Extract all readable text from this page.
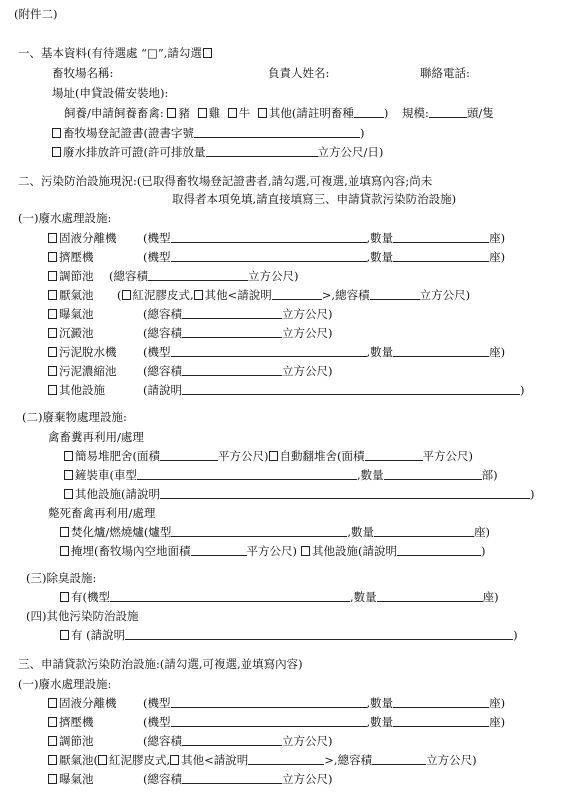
(附件二)
一、基本資料(有待選處 “□”,請勾選
畜牧場名稱:	負責人姓名:	聯絡電話:
場址(申貸設備安裝地):
飼養/申請飼養畜禽: 豬 雞 牛 其他(請註明畜種	) 規模:	頭/隻
畜牧場登記證書(證書字號	)
廢水排放許可證(許可排放量	立方公尺/日)
二、污染防治設施現況:(已取得畜牧場登記證書者,請勾選,可複選,並填寫內容;尚未
取得者本項免填,請直接填寫三、申請貸款污染防治設施)
(一)廢水處理設施:
固液分離機 (機型	,數量	座)
擠壓機	(機型	,數量	座)
調節池 (總容積	立方公尺)
厭氣池 ( 紅泥膠皮式, 其他<請說明	>,總容積	立方公尺)
曝氣池	(總容積	立方公尺)
沉澱池	(總容積	立方公尺)
污泥脫水機 (機型	,數量	座)
污泥濃縮池 (總容積	立方公尺)
其他設施	(請說明	)
(二)廢棄物處理設施:
禽畜糞再利用/處理
簡易堆肥舍(面積	平方公尺) 自動翻堆舍(面積	平方公尺)
鏟裝車(車型	,數量	部)
其他設施(請說明	)
斃死畜禽再利用/處理
焚化爐/燃燒爐(爐型	,數量	座)
掩埋(畜牧場內空地面積	平方公尺) 其他設施(請說明	)
(三)除臭設施:
有(機型	,數量	座)
(四)其他污染防治設施
有 (請說明	)
三、申請貸款污染防治設施:(請勾選,可複選,並填寫內容)
(一)廢水處理設施:
固液分離機 (機型	,數量	座)
擠壓機	(機型	,數量	座)
調節池	(總容積	立方公尺)
厭氣池( 紅泥膠皮式, 其他<請說明	>,總容積	立方公尺)
曝氣池	(總容積	立方公尺)
